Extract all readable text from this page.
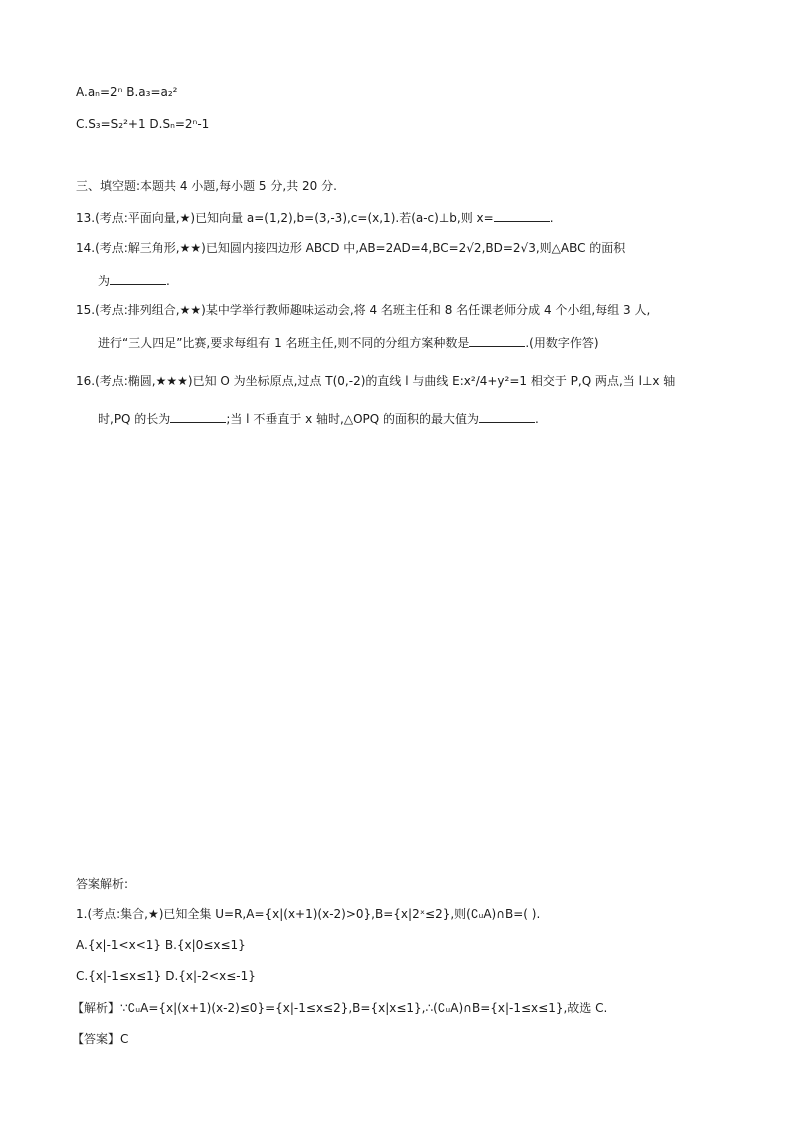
A.aₙ=2ⁿ B.a₃=a₂²
C.S₃=S₂²+1 D.Sₙ=2ⁿ-1
三、填空题:本题共 4 小题,每小题 5 分,共 20 分.
13.(考点:平面向量,★)已知向量 a=(1,2),b=(3,-3),c=(x,1).若(a-c)⊥b,则 x=	.
14.(考点:解三角形,★★)已知圆内接四边形 ABCD 中,AB=2AD=4,BC=2√2,BD=2√3,则△ABC 的面积
为	.
15.(考点:排列组合,★★)某中学举行教师趣味运动会,将 4 名班主任和 8 名任课老师分成 4 个小组,每组 3 人,
进行“三人四足”比赛,要求每组有 1 名班主任,则不同的分组方案种数是	.(用数字作答)
16.(考点:椭圆,★★★)已知 O 为坐标原点,过点 T(0,-2)的直线 l 与曲线 E:x²/4+y²=1 相交于 P,Q 两点,当 l⊥x 轴
时,PQ 的长为	;当 l 不垂直于 x 轴时,△OPQ 的面积的最大值为	.
答案解析:
1.(考点:集合,★)已知全集 U=R,A={x|(x+1)(x-2)>0},B={x|2ˣ≤2},则(∁ᵤA)∩B=( ).
A.{x|-1<x<1} B.{x|0≤x≤1}
C.{x|-1≤x≤1} D.{x|-2<x≤-1}
【解析】∵∁ᵤA={x|(x+1)(x-2)≤0}={x|-1≤x≤2},B={x|x≤1},∴(∁ᵤA)∩B={x|-1≤x≤1},故选 C.
【答案】C
